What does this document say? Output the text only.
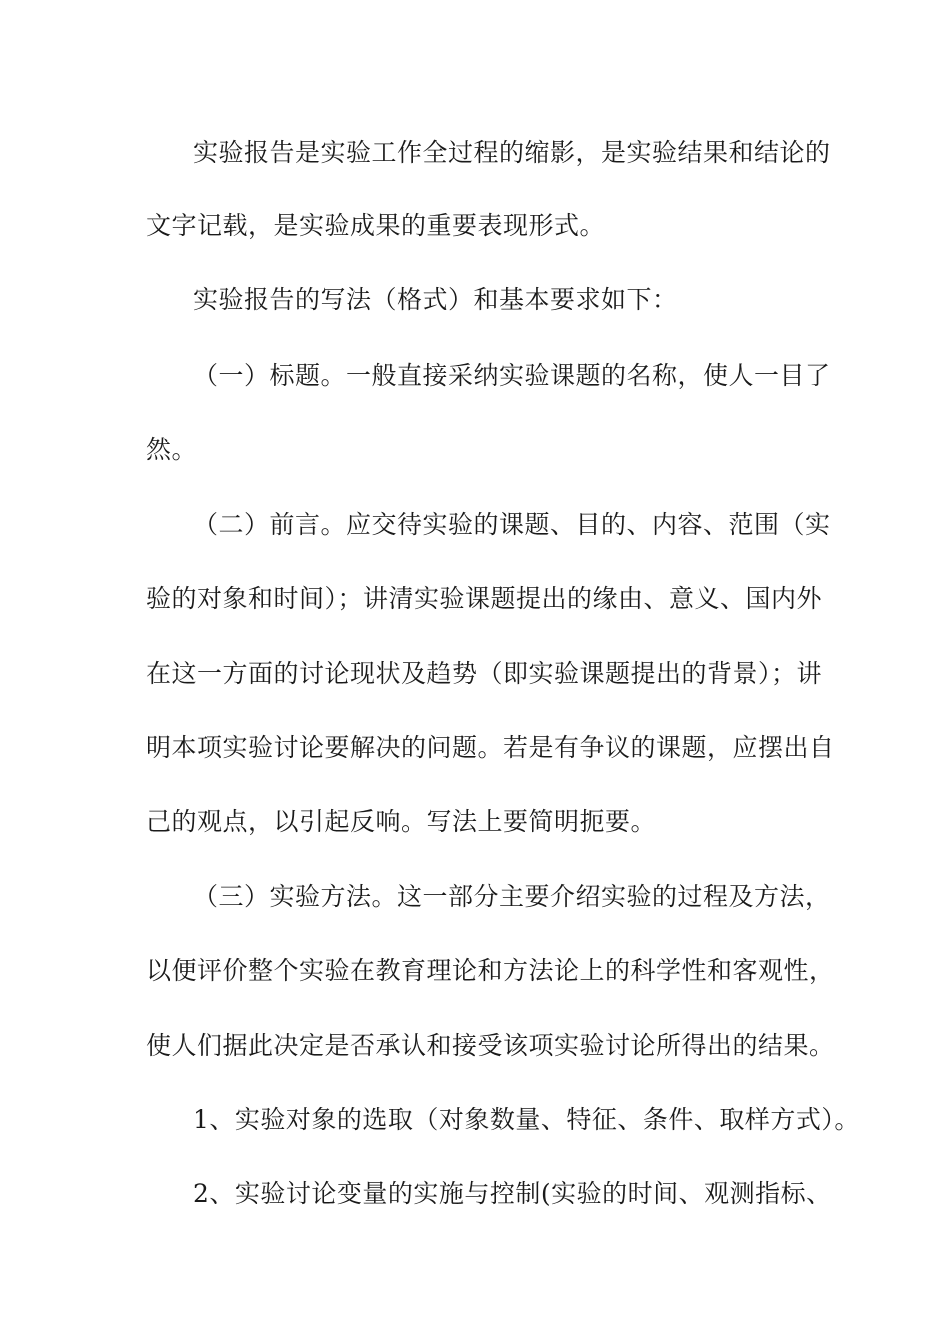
实验报告是实验工作全过程的缩影，是实验结果和结论的
文字记载，是实验成果的重要表现形式。
实验报告的写法（格式）和基本要求如下：
（一）标题。一般直接采纳实验课题的名称，使人一目了
然。
（二）前言。应交待实验的课题、目的、内容、范围（实
验的对象和时间）；讲清实验课题提出的缘由、意义、国内外
在这一方面的讨论现状及趋势（即实验课题提出的背景）；讲
明本项实验讨论要解决的问题。若是有争议的课题，应摆出自
己的观点，以引起反响。写法上要简明扼要。
（三）实验方法。这一部分主要介绍实验的过程及方法，
以便评价整个实验在教育理论和方法论上的科学性和客观性，
使人们据此决定是否承认和接受该项实验讨论所得出的结果。
1、实验对象的选取（对象数量、特征、条件、取样方式）。
2、实验讨论变量的实施与控制(实验的时间、观测指标、
